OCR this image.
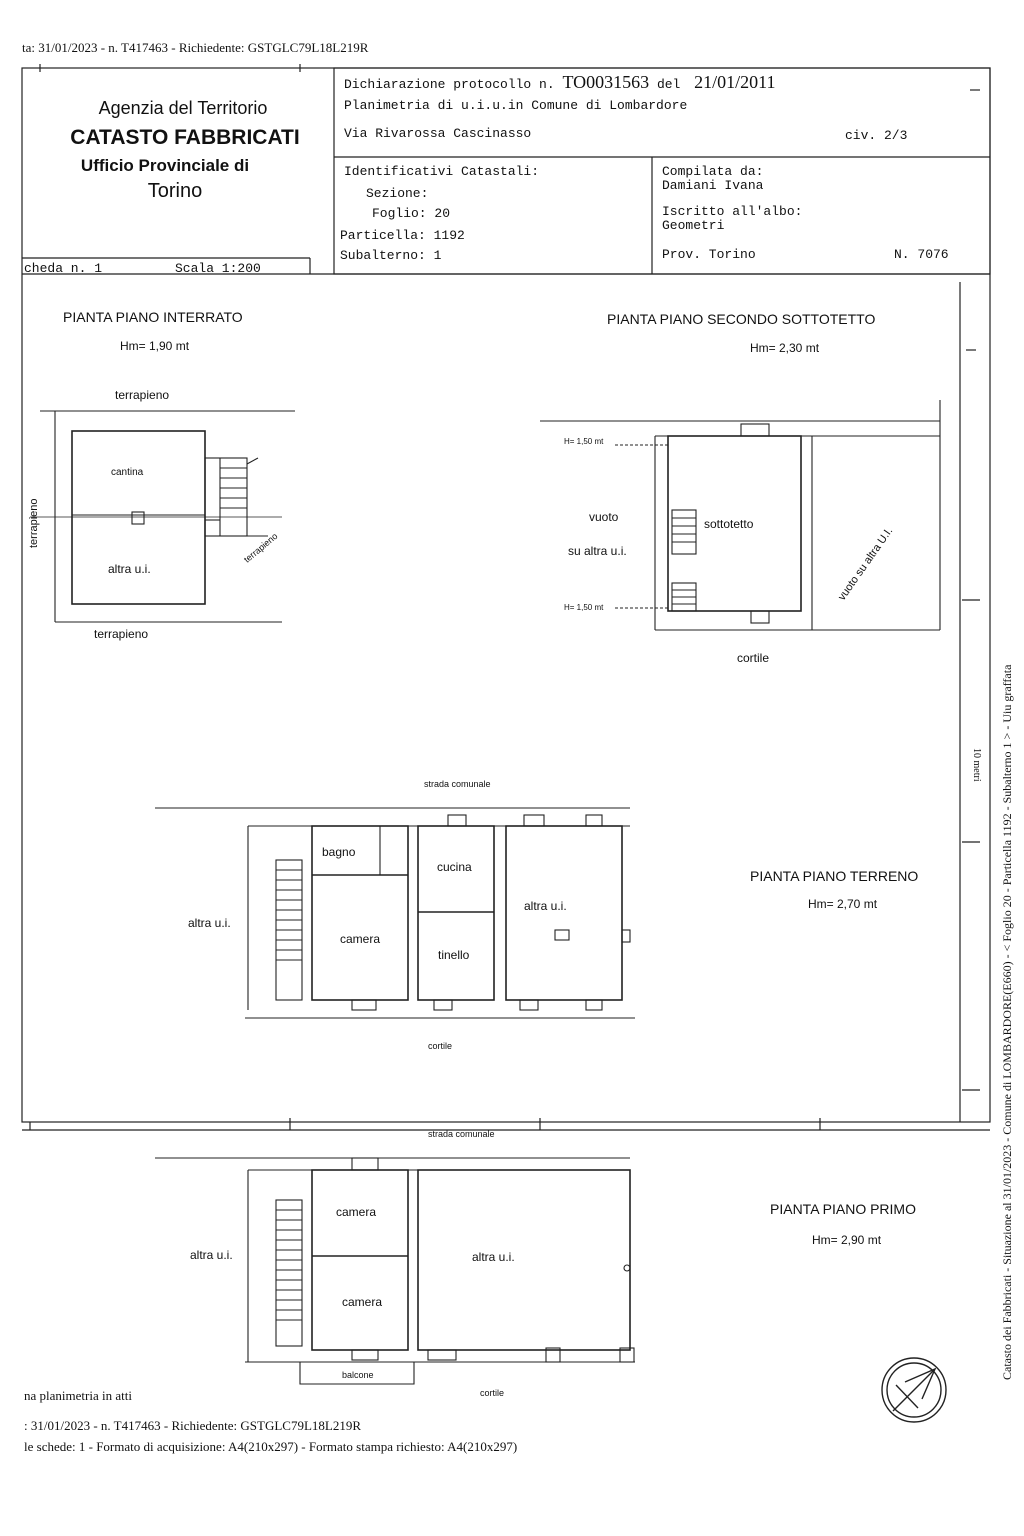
ta: 31/01/2023 - n. T417463 - Richiedente: GSTGLC79L18L219R
Agenzia del Territorio
CATASTO FABBRICATI
Ufficio Provinciale di
Torino
cheda n. 1	Scala 1:200
Dichiarazione protocollo n. TO0031563 del 21/01/2011
Planimetria di u.i.u.in Comune di Lombardore
Via Rivarossa Cascinasso	civ. 2/3
Identificativi Catastali:
Sezione:
Foglio: 20
Particella: 1192
Subalterno: 1
Compilata da:
Damiani Ivana
Iscritto all'albo:
Geometri
Prov. Torino	N. 7076
PIANTA PIANO INTERRATO
Hm= 1,90 mt
terrapieno
terrapieno	terrapieno
terrapieno
cantina
altra u.i.
PIANTA PIANO SECONDO SOTTOTETTO
Hm= 2,30 mt
H= 1,50 mt
H= 1,50 mt
vuoto
su altra u.i.
sottotetto
vuoto su altra U.I.
cortile
strada comunale
bagno
cucina
camera
tinello
altra u.i.
altra u.i.
cortile
PIANTA PIANO TERRENO
Hm= 2,70 mt
strada comunale
camera
camera
altra u.i.	altra u.i.
balcone
cortile
PIANTA PIANO PRIMO
Hm= 2,90 mt
10 metri Catasto dei Fabbricati - Situazione al 31/01/2023 - Comune di LOMBARDORE(E660) - < Foglio 20 - Particella 1192 - Subalterno 1 > - Uiu graffata
na planimetria in atti
: 31/01/2023 - n. T417463 - Richiedente: GSTGLC79L18L219R
le schede: 1 - Formato di acquisizione: A4(210x297) - Formato stampa richiesto: A4(210x297)
